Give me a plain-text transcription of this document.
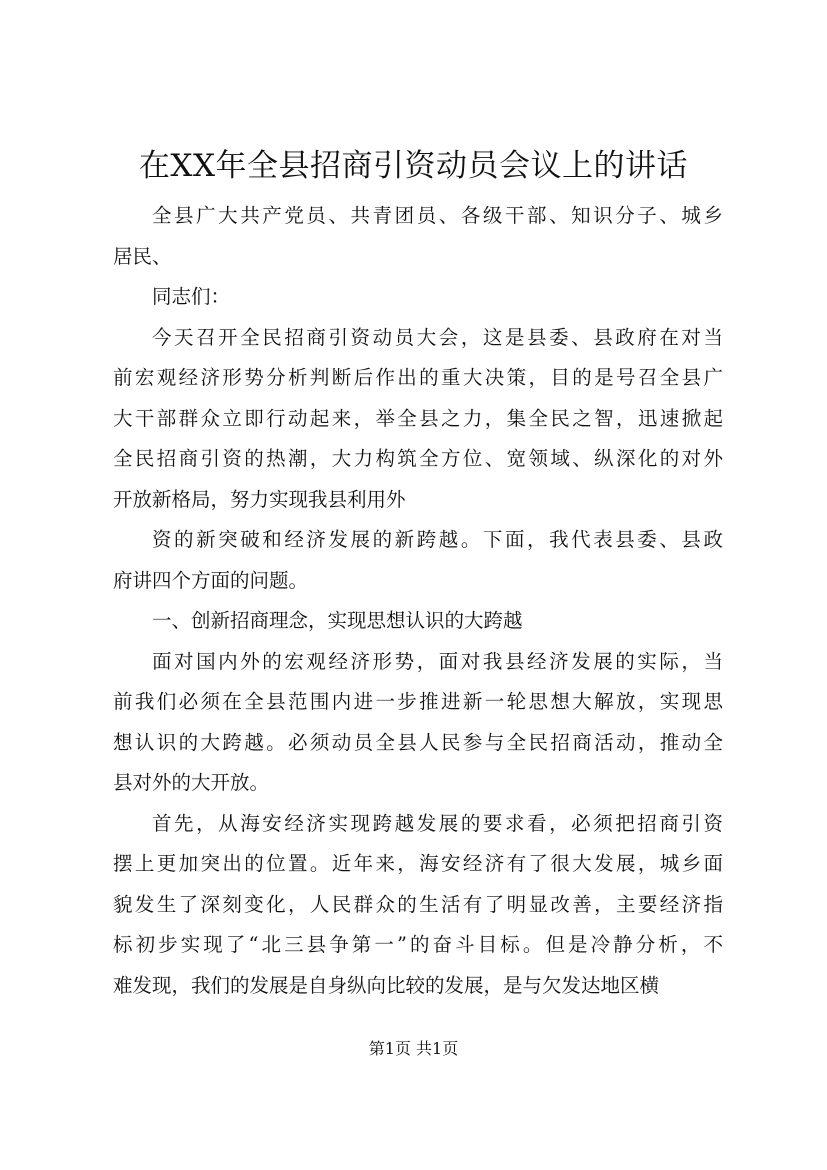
在XX年全县招商引资动员会议上的讲话
全县广大共产党员、共青团员、各级干部、知识分子、城乡
居民、
同志们：
今天召开全民招商引资动员大会，这是县委、县政府在对当
前宏观经济形势分析判断后作出的重大决策，目的是号召全县广
大干部群众立即行动起来，举全县之力，集全民之智，迅速掀起
全民招商引资的热潮，大力构筑全方位、宽领域、纵深化的对外
开放新格局，努力实现我县利用外
资的新突破和经济发展的新跨越。下面，我代表县委、县政
府讲四个方面的问题。
一、创新招商理念，实现思想认识的大跨越
面对国内外的宏观经济形势，面对我县经济发展的实际，当
前我们必须在全县范围内进一步推进新一轮思想大解放，实现思
想认识的大跨越。必须动员全县人民参与全民招商活动，推动全
县对外的大开放。
首先，从海安经济实现跨越发展的要求看，必须把招商引资
摆上更加突出的位置。近年来，海安经济有了很大发展，城乡面
貌发生了深刻变化，人民群众的生活有了明显改善，主要经济指
标初步实现了“北三县争第一”的奋斗目标。但是冷静分析，不
难发现，我们的发展是自身纵向比较的发展，是与欠发达地区横
第1页 共1页
